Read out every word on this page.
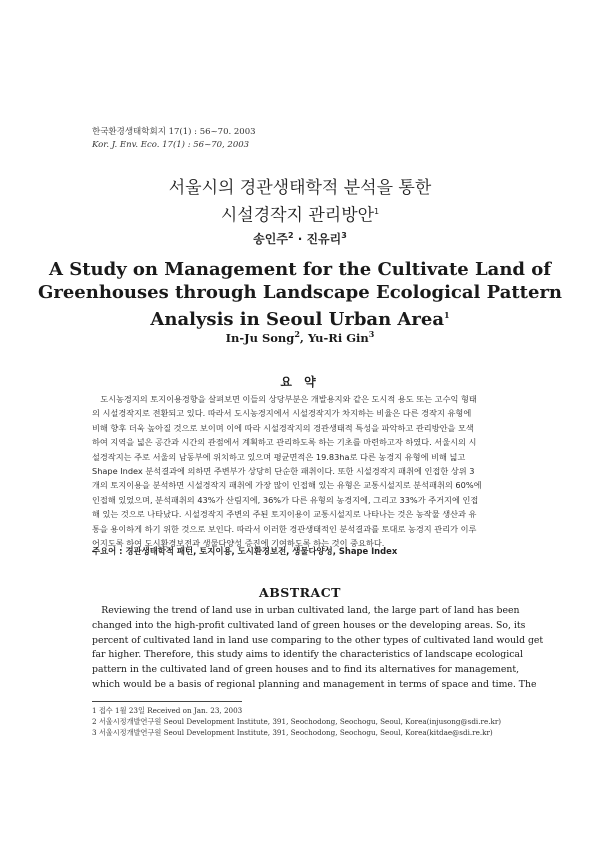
한국환경생태학회지 17(1) : 56~70. 2003
Kor. J. Env. Eco. 17(1) : 56~70, 2003
서울시의 경관생태학적 분석을 통한
시설경작지 관리방안$^1$
송인주$^2$ · 진유리$^3$
A Study on Management for the Cultivate Land of
Greenhouses through Landscape Ecological Pattern
Analysis in Seoul Urban Area$^1$
In-Ju Song$^2$, Yu-Ri Gin$^3$
요 약
　도시농경지의 토지이용경향을 살펴보면 이들의 상당부분은 개발용지와 같은 도시적 용도 또는 고수익 형태
의 시설경작지로 전환되고 있다. 따라서 도시농경지에서 시설경작지가 차지하는 비율은 다른 경작지 유형에
비해 향후 더욱 높아질 것으로 보이며 이에 따라 시설경작지의 경관생태적 특성을 파악하고 관리방안을 모색
하여 지역을 넓은 공간과 시간의 관점에서 계획하고 관리하도록 하는 기초를 마련하고자 하였다. 서울시의 시
설경작지는 주로 서울의 남동부에 위치하고 있으며 평균면적은 19.83ha로 다른 농경지 유형에 비해 넓고
Shape Index 분석결과에 의하면 주변부가 상당히 단순한 패취이다. 또한 시설경작지 패취에 인접한 상위 3
개의 토지이용을 분석하면 시설경작지 패취에 가장 많이 인접해 있는 유형은 교통시설지로 분석패취의 60%에
인접해 있었으며, 분석패취의 43%가 산림지에, 36%가 다른 유형의 농경지에, 그리고 33%가 주거지에 인접
해 있는 것으로 나타났다. 시설경작지 주변의 주된 토지이용이 교통시설지로 나타나는 것은 농작물 생산과 유
통을 용이하게 하기 위한 것으로 보인다. 따라서 이러한 경관생태적인 분석결과를 토대로 농경지 관리가 이루
어지도록 하여 도시환경보전과 생물다양성 증진에 기여하도록 하는 것이 중요하다.
주요어 : 경관생태학적 패턴, 토지이용, 도시환경보전, 생물다양성, Shape Index
ABSTRACT
　Reviewing the trend of land use in urban cultivated land, the large part of land has been
changed into the high-profit cultivated land of green houses or the developing areas. So, its
percent of cultivated land in land use comparing to the other types of cultivated land would get
far higher. Therefore, this study aims to identify the characteristics of landscape ecological
pattern in the cultivated land of green houses and to find its alternatives for management,
which would be a basis of regional planning and management in terms of space and time. The
1 접수 1월 23일 Received on Jan. 23, 2003
2 서울시정개발연구원 Seoul Development Institute, 391, Seochodong, Seochogu, Seoul, Korea(injusong@sdi.re.kr)
3 서울시정개발연구원 Seoul Development Institute, 391, Seochodong, Seochogu, Seoul, Korea(kitdae@sdi.re.kr)
